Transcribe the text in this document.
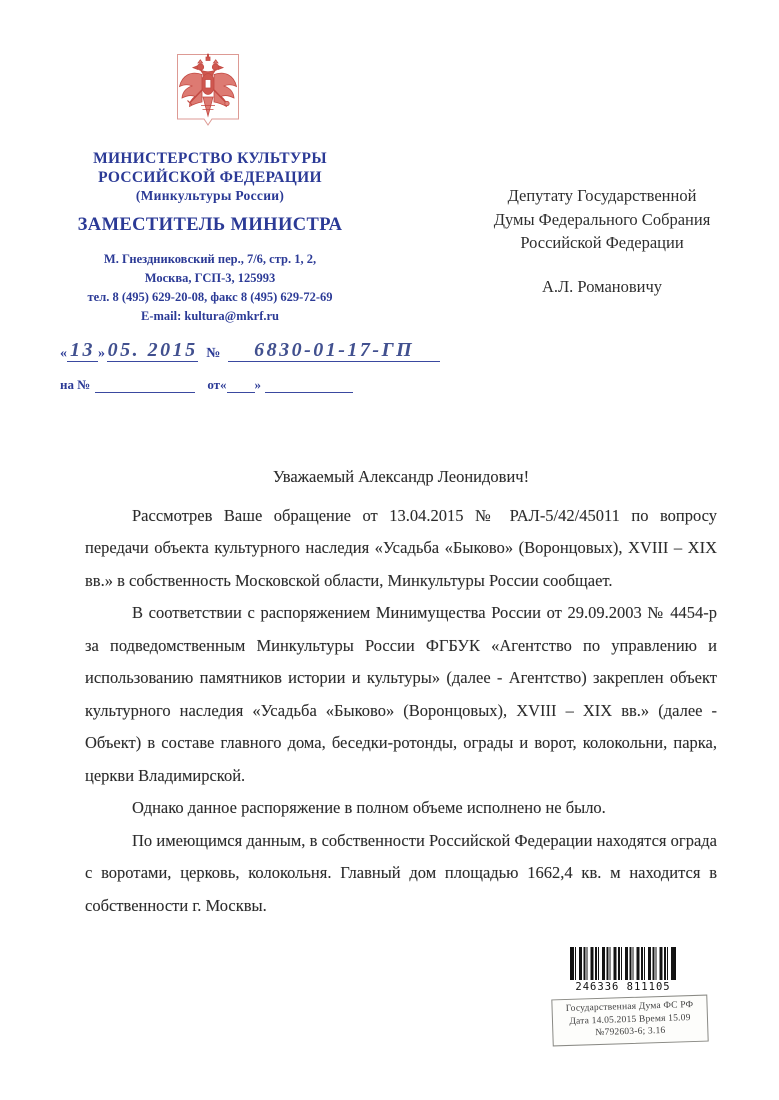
МИНИСТЕРСТВО КУЛЬТУРЫ
РОССИЙСКОЙ ФЕДЕРАЦИИ
(Минкультуры России)
ЗАМЕСТИТЕЛЬ МИНИСТРА
М. Гнездниковский пер., 7/6, стр. 1, 2,
Москва, ГСП-3, 125993
тел. 8 (495) 629-20-08, факс 8 (495) 629-72-69
E-mail: kultura@mkrf.ru
« 13 » 05. 2015 №	6830-01-17-ГП
на №	от « »
Депутату Государственной
Думы Федерального Собрания
Российской Федерации
А.Л. Романовичу
Уважаемый Александр Леонидович!

Рассмотрев Ваше обращение от 13.04.2015 № РАЛ-5/42/45011 по вопросу передачи объекта культурного наследия «Усадьба «Быково» (Воронцовых), XVIII – XIX вв.» в собственность Московской области, Минкультуры России сообщает.

В соответствии с распоряжением Минимущества России от 29.09.2003 № 4454-р за подведомственным Минкультуры России ФГБУК «Агентство по управлению и использованию памятников истории и культуры» (далее - Агентство) закреплен объект культурного наследия «Усадьба «Быково» (Воронцовых), XVIII – XIX вв.» (далее - Объект) в составе главного дома, беседки-ротонды, ограды и ворот, колокольни, парка, церкви Владимирской.

Однако данное распоряжение в полном объеме исполнено не было.

По имеющимся данным, в собственности Российской Федерации находятся ограда с воротами, церковь, колокольня. Главный дом площадью 1662,4 кв. м находится в собственности г. Москвы.

246336 811105
Государственная Дума ФС РФ
Дата 14.05.2015 Время 15.09
№792603-6; 3.16
